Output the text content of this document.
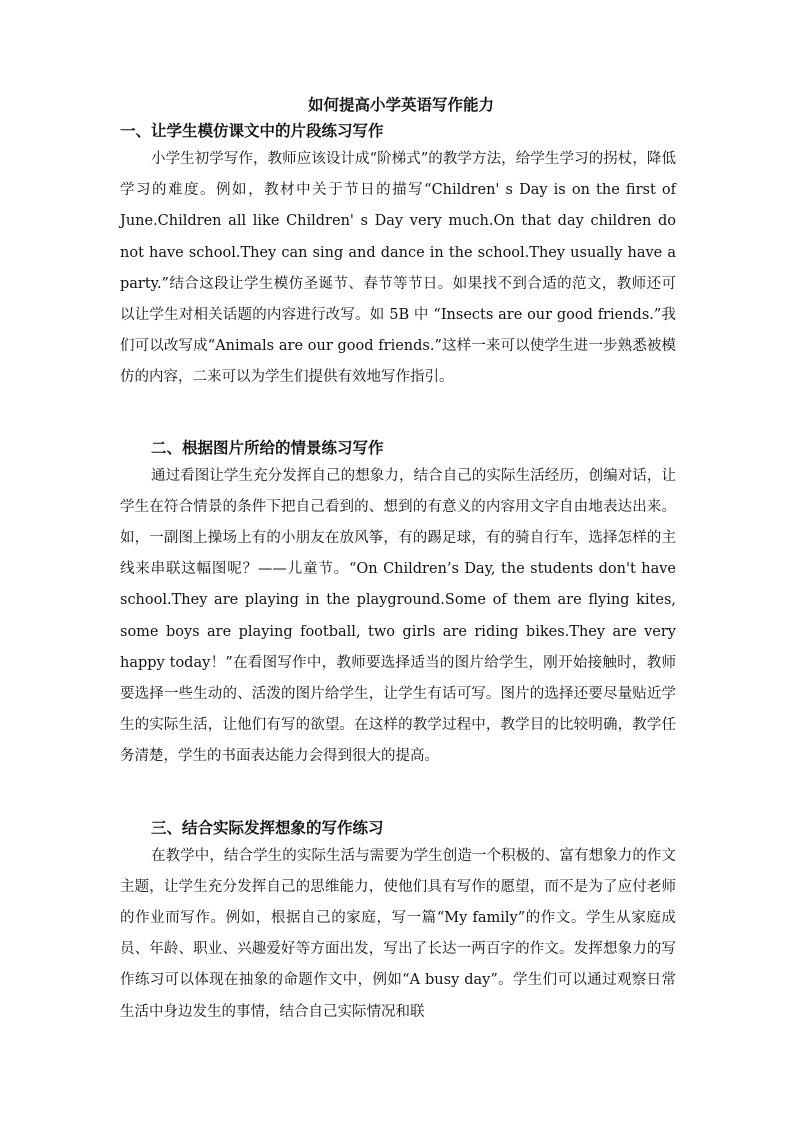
如何提高小学英语写作能力
一、让学生模仿课文中的片段练习写作

小学生初学写作，教师应该设计成“阶梯式”的教学方法，给学生学习的拐杖，降低学习的难度。例如，教材中关于节日的描写“Children' s Day is on the first of June.Children all like Children' s Day very much.On that day children do not have school.They can sing and dance in the school.They usually have a party.”结合这段让学生模仿圣诞节、春节等节日。如果找不到合适的范文，教师还可以让学生对相关话题的内容进行改写。如 5B 中 “Insects are our good friends.”我们可以改写成“Animals are our good friends.”这样一来可以使学生进一步熟悉被模仿的内容，二来可以为学生们提供有效地写作指引。

二、根据图片所给的情景练习写作

通过看图让学生充分发挥自己的想象力，结合自己的实际生活经历，创编对话，让学生在符合情景的条件下把自己看到的、想到的有意义的内容用文字自由地表达出来。如，一副图上操场上有的小朋友在放风筝，有的踢足球，有的骑自行车，选择怎样的主线来串联这幅图呢？——儿童节。“On Children’s Day, the students don't have school.They are playing in the playground.Some of them are flying kites, some boys are playing football, two girls are riding bikes.They are very happy today！”在看图写作中，教师要选择适当的图片给学生，刚开始接触时，教师要选择一些生动的、活泼的图片给学生，让学生有话可写。图片的选择还要尽量贴近学生的实际生活，让他们有写的欲望。在这样的教学过程中，教学目的比较明确，教学任务清楚，学生的书面表达能力会得到很大的提高。

三、结合实际发挥想象的写作练习

在教学中，结合学生的实际生活与需要为学生创造一个积极的、富有想象力的作文主题，让学生充分发挥自己的思维能力，使他们具有写作的愿望，而不是为了应付老师的作业而写作。例如，根据自己的家庭，写一篇“My family”的作文。学生从家庭成员、年龄、职业、兴趣爱好等方面出发，写出了长达一两百字的作文。发挥想象力的写作练习可以体现在抽象的命题作文中，例如“A busy day”。学生们可以通过观察日常生活中身边发生的事情，结合自己实际情况和联
